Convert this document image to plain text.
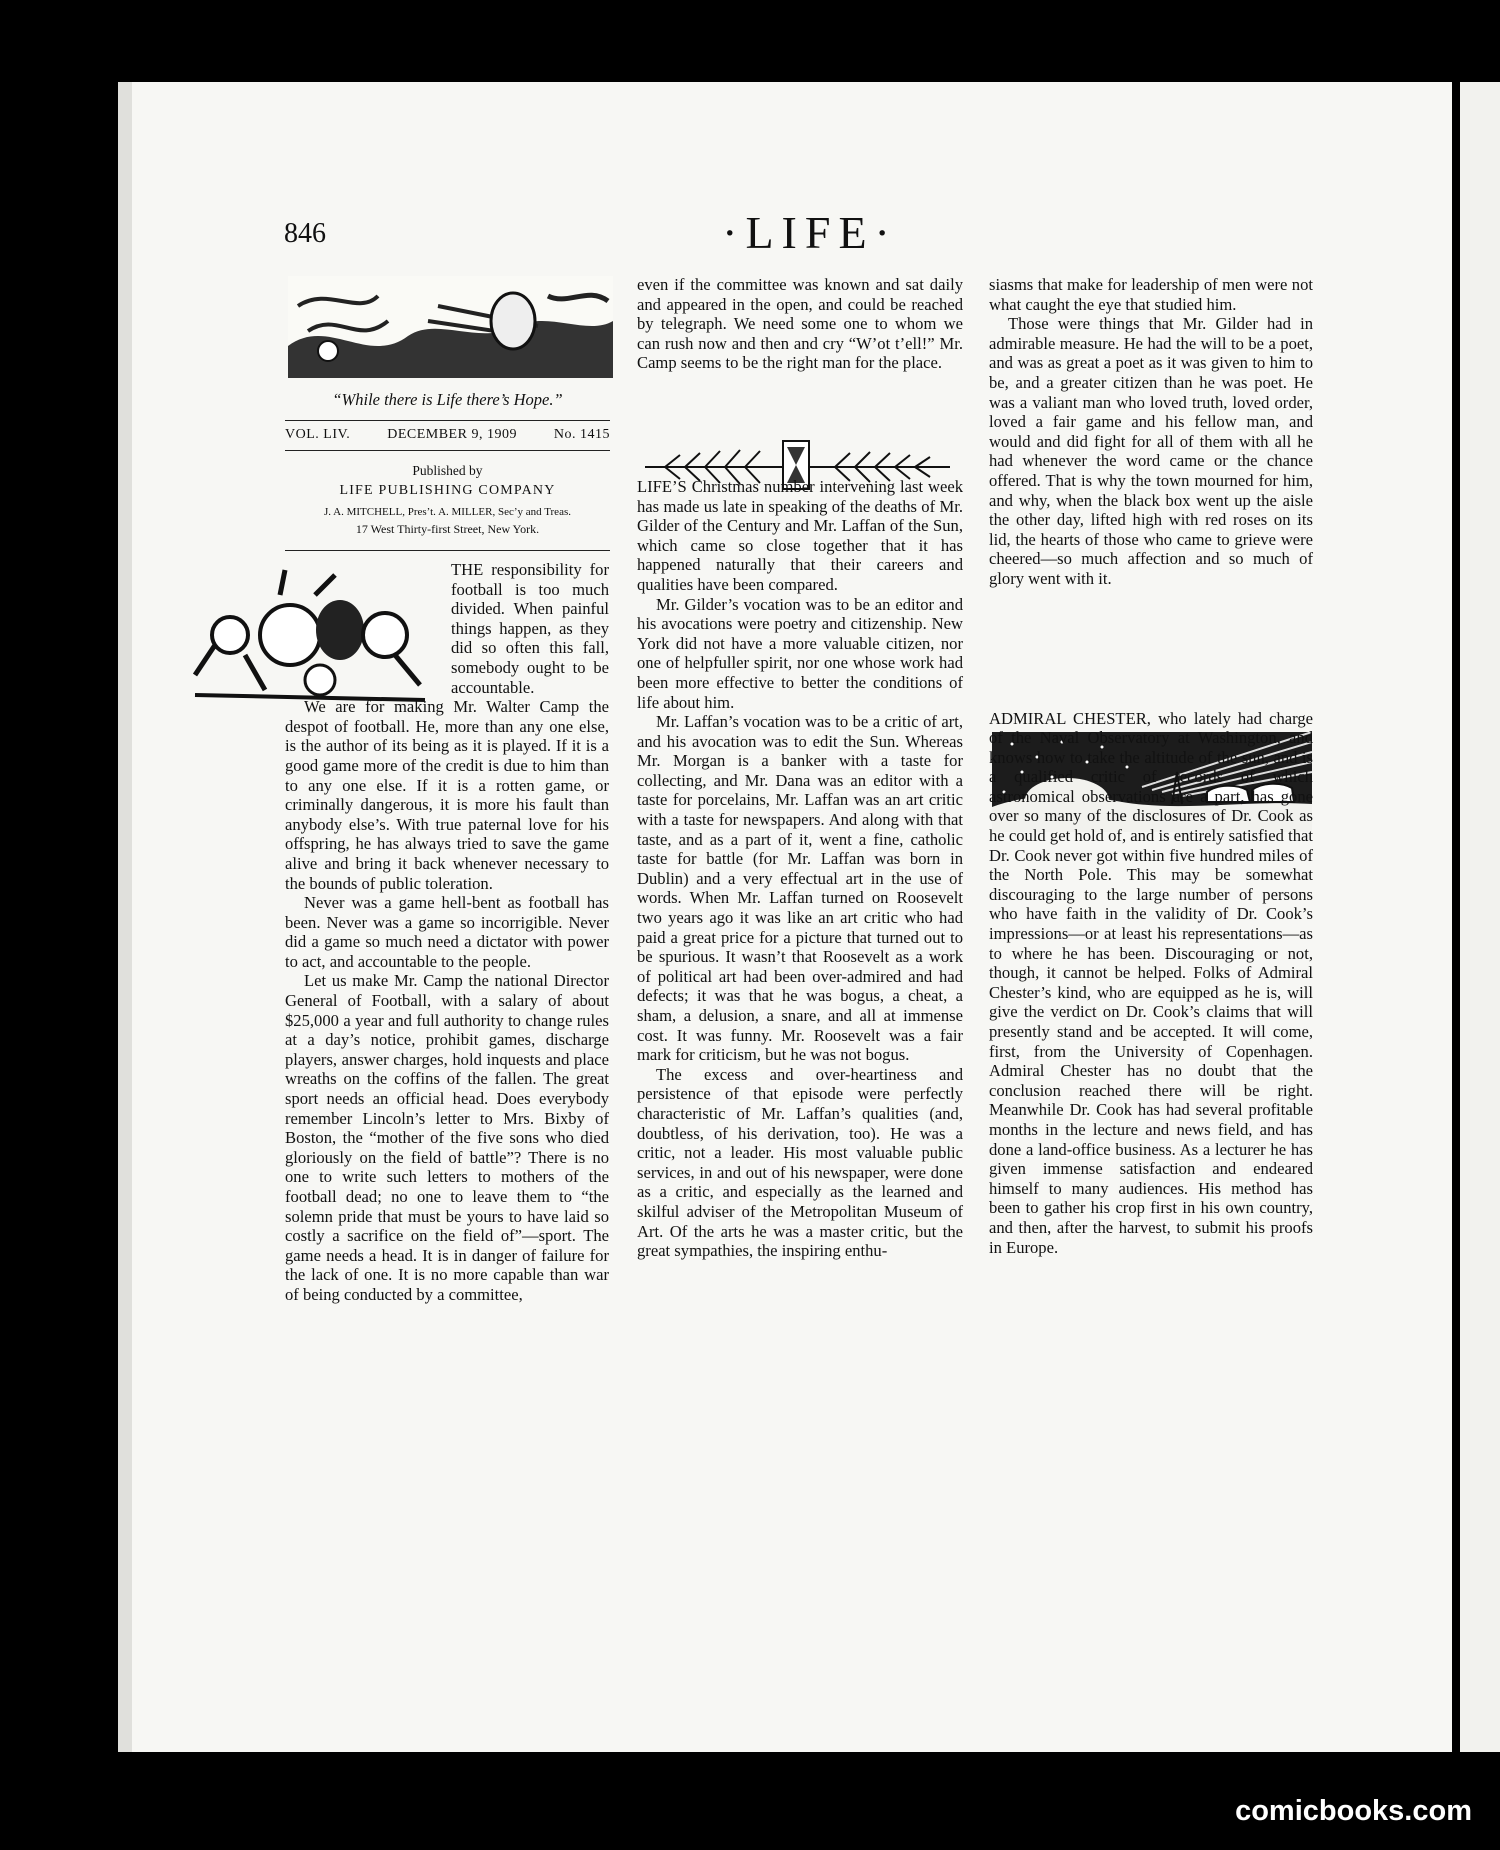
846	·LIFE·
“While there is Life there’s Hope.”
VOL. LIV.	DECEMBER 9, 1909	No. 1415
Published by
LIFE PUBLISHING COMPANY
J. A. MITCHELL, Pres’t. A. MILLER, Sec’y and Treas.
17 West Thirty-first Street, New York.

THE responsibility for football is too much divided. When painful things happen, as they did so often this fall, somebody ought to be accountable.

We are for making Mr. Walter Camp the despot of football. He, more than any one else, is the author of its being as it is played. If it is a good game more of the credit is due to him than to any one else. If it is a rotten game, or criminally dangerous, it is more his fault than anybody else’s. With true paternal love for his offspring, he has always tried to save the game alive and bring it back whenever necessary to the bounds of public toleration.

Never was a game hell-bent as football has been. Never was a game so incorrigible. Never did a game so much need a dictator with power to act, and accountable to the people.

Let us make Mr. Camp the national Director General of Football, with a salary of about $25,000 a year and full authority to change rules at a day’s notice, prohibit games, discharge players, answer charges, hold inquests and place wreaths on the coffins of the fallen. The great sport needs an official head. Does everybody remember Lincoln’s letter to Mrs. Bixby of Boston, the “mother of the five sons who died gloriously on the field of battle”? There is no one to write such letters to mothers of the football dead; no one to leave them to “the solemn pride that must be yours to have laid so costly a sacrifice on the field of”—sport. The game needs a head. It is in danger of failure for the lack of one. It is no more capable than war of being conducted by a committee,

even if the committee was known and sat daily and appeared in the open, and could be reached by telegraph. We need some one to whom we can rush now and then and cry “W’ot t’ell!” Mr. Camp seems to be the right man for the place.

LIFE’S Christmas number intervening last week has made us late in speaking of the deaths of Mr. Gilder of the Century and Mr. Laffan of the Sun, which came so close together that it has happened naturally that their careers and qualities have been compared.

Mr. Gilder’s vocation was to be an editor and his avocations were poetry and citizenship. New York did not have a more valuable citizen, nor one of helpfuller spirit, nor one whose work had been more effective to better the conditions of life about him.

Mr. Laffan’s vocation was to be a critic of art, and his avocation was to edit the Sun. Whereas Mr. Morgan is a banker with a taste for collecting, and Mr. Dana was an editor with a taste for porcelains, Mr. Laffan was an art critic with a taste for newspapers. And along with that taste, and as a part of it, went a fine, catholic taste for battle (for Mr. Laffan was born in Dublin) and a very effectual art in the use of words. When Mr. Laffan turned on Roosevelt two years ago it was like an art critic who had paid a great price for a picture that turned out to be spurious. It wasn’t that Roosevelt as a work of political art had been over-admired and had defects; it was that he was bogus, a cheat, a sham, a delusion, a snare, and all at immense cost. It was funny. Mr. Roosevelt was a fair mark for criticism, but he was not bogus.

The excess and over-heartiness and persistence of that episode were perfectly characteristic of Mr. Laffan’s qualities (and, doubtless, of his derivation, too). He was a critic, not a leader. His most valuable public services, in and out of his newspaper, were done as a critic, and especially as the learned and skilful adviser of the Metropolitan Museum of Art. Of the arts he was a master critic, but the great sympathies, the inspiring enthu-

siasms that make for leadership of men were not what caught the eye that studied him.

Those were things that Mr. Gilder had in admirable measure. He had the will to be a poet, and was as great a poet as it was given to him to be, and a greater citizen than he was poet. He was a valiant man who loved truth, loved order, loved a fair game and his fellow man, and would and did fight for all of them with all he had whenever the word came or the chance offered. That is why the town mourned for him, and why, when the black box went up the aisle the other day, lifted high with red roses on its lid, the hearts of those who came to grieve were cheered—so much affection and so much of glory went with it.

ADMIRAL CHESTER, who lately had charge of the Naval Observatory at Washington, and knows how to take the altitude of the sun, and is a qualified critic of records of which astronomical observations are a part, has gone over so many of the disclosures of Dr. Cook as he could get hold of, and is entirely satisfied that Dr. Cook never got within five hundred miles of the North Pole. This may be somewhat discouraging to the large number of persons who have faith in the validity of Dr. Cook’s impressions—or at least his representations—as to where he has been. Discouraging or not, though, it cannot be helped. Folks of Admiral Chester’s kind, who are equipped as he is, will give the verdict on Dr. Cook’s claims that will presently stand and be accepted. It will come, first, from the University of Copenhagen. Admiral Chester has no doubt that the conclusion reached there will be right. Meanwhile Dr. Cook has had several profitable months in the lecture and news field, and has done a land-office business. As a lecturer he has given immense satisfaction and endeared himself to many audiences. His method has been to gather his crop first in his own country, and then, after the harvest, to submit his proofs in Europe.

comicbooks.com
